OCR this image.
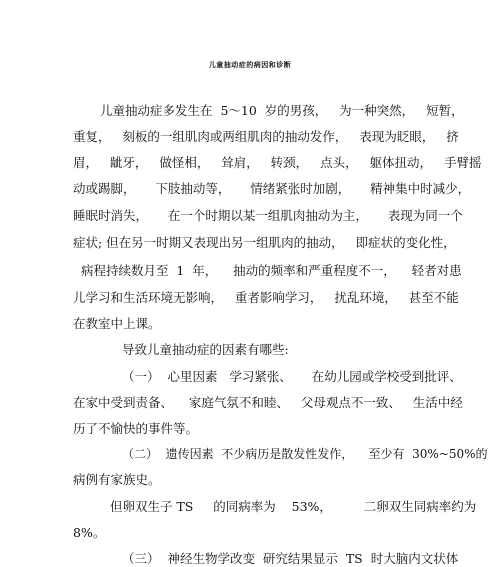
儿童抽动症的病因和诊断
儿童抽动症多发生在  5～10  岁的男孩，   为一种突然，   短暂，
重复，   刻板的一组肌肉或两组肌肉的抽动发作，   表现为眨眼，   挤
眉，   龇牙，   做怪相，   耸肩，   转颈，   点头，   躯体扭动，   手臂摇
动或踢脚，     下肢抽动等，     情绪紧张时加剧，     精神集中时减少，
睡眠时消失，     在一个时期以某一组肌肉抽动为主，     表现为同一个
症状; 但在另一时期又表现出另一组肌肉的抽动，   即症状的变化性，
病程持续数月至  1  年，    抽动的频率和严重程度不一，    轻者对患
儿学习和生活环境无影响，   重者影响学习，   扰乱环境，   甚至不能
在教室中上课。
导致儿童抽动症的因素有哪些:
（一）  心里因素   学习紧张、     在幼儿园或学校受到批评、
在家中受到责备、    家庭气氛不和睦、   父母观点不一致、   生活中经
历了不愉快的事件等。
（二）  遗传因素  不少病历是散发性发作，    至少有  30%~50%的
病例有家族史。
但卵双生子 TS     的同病率为    53%，        二卵双生同病率约为
8%。
（三）  神经生物学改变  研究结果显示  TS  时大脑内文状体
